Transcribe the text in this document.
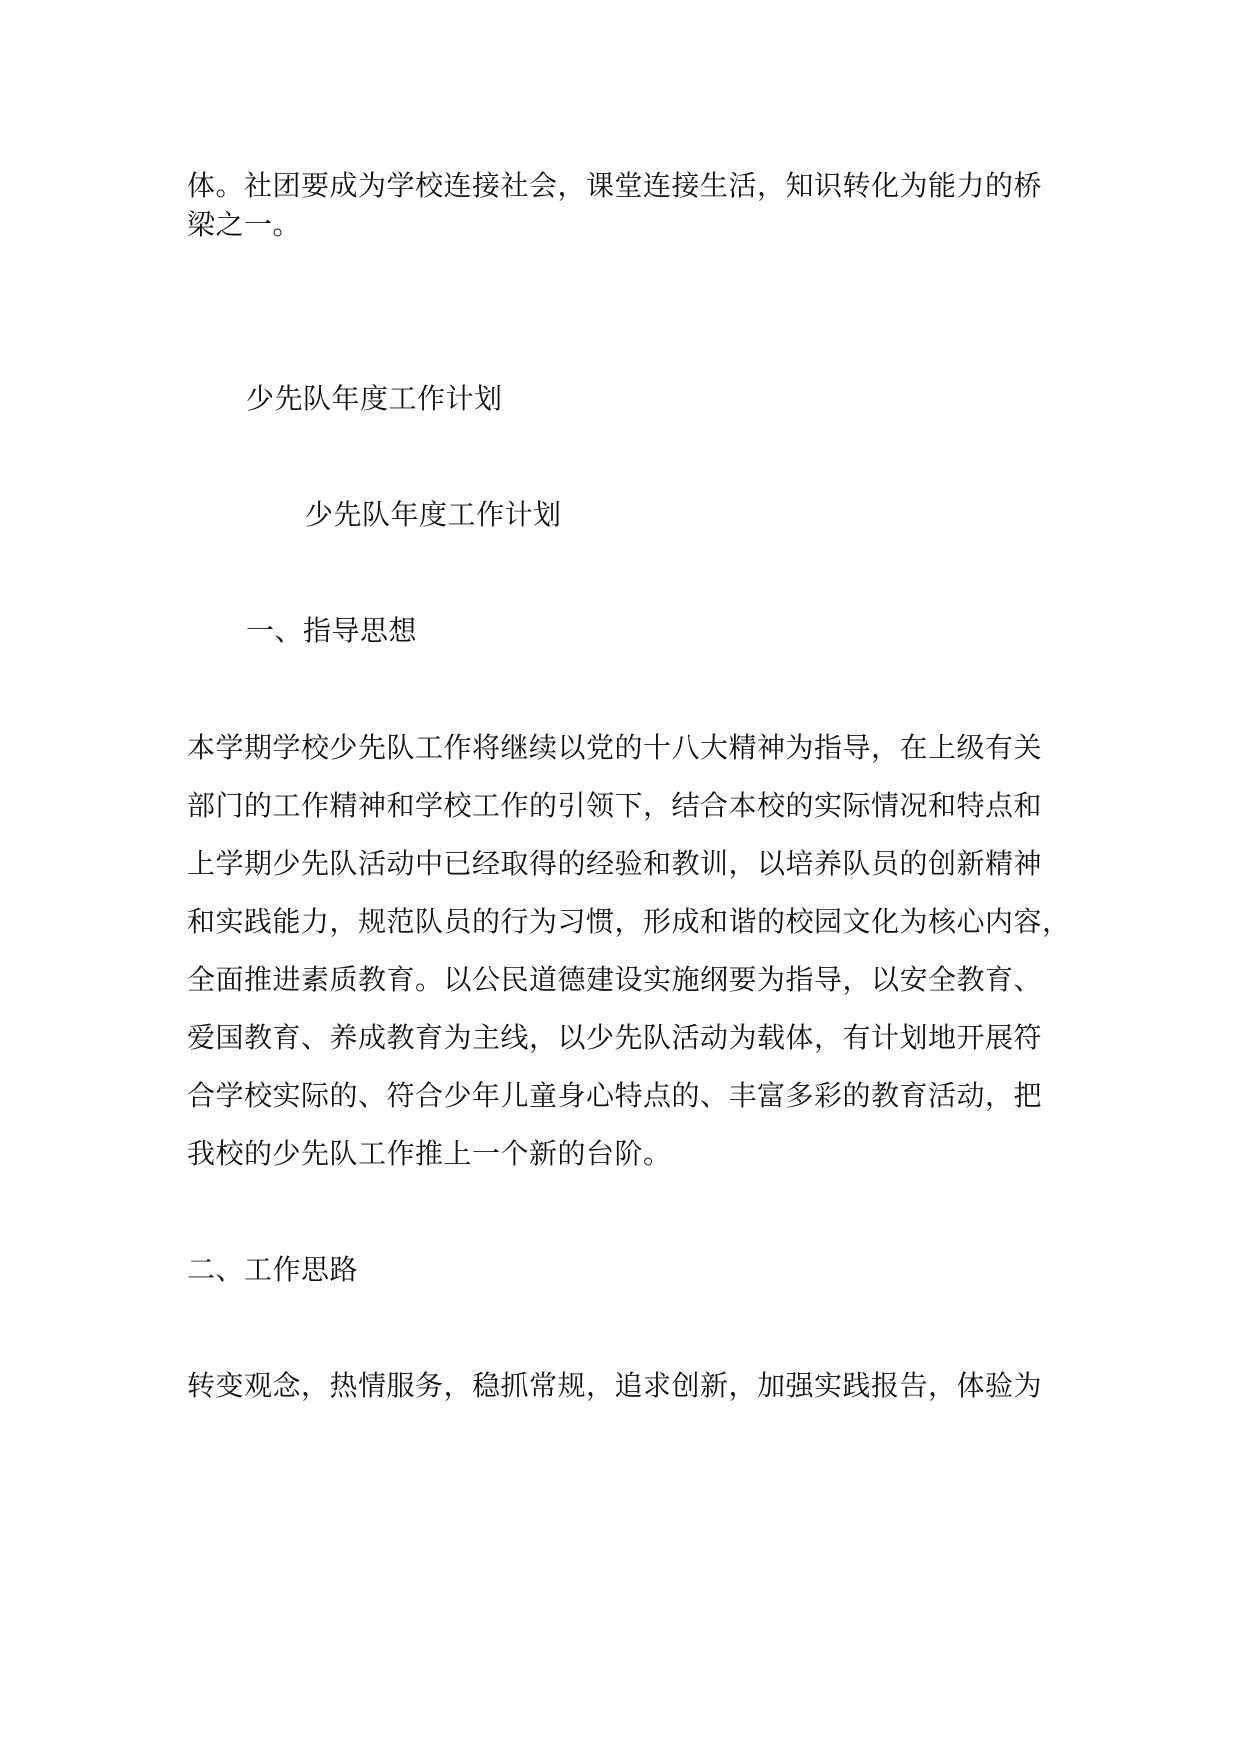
体。社团要成为学校连接社会，课堂连接生活，知识转化为能力的桥
梁之一。
少先队年度工作计划
少先队年度工作计划
一、指导思想
本学期学校少先队工作将继续以党的十八大精神为指导，在上级有关
部门的工作精神和学校工作的引领下，结合本校的实际情况和特点和
上学期少先队活动中已经取得的经验和教训，以培养队员的创新精神
和实践能力，规范队员的行为习惯，形成和谐的校园文化为核心内容，
全面推进素质教育。以公民道德建设实施纲要为指导，以安全教育、
爱国教育、养成教育为主线，以少先队活动为载体，有计划地开展符
合学校实际的、符合少年儿童身心特点的、丰富多彩的教育活动，把
我校的少先队工作推上一个新的台阶。
二、工作思路
转变观念，热情服务，稳抓常规，追求创新，加强实践报告，体验为
